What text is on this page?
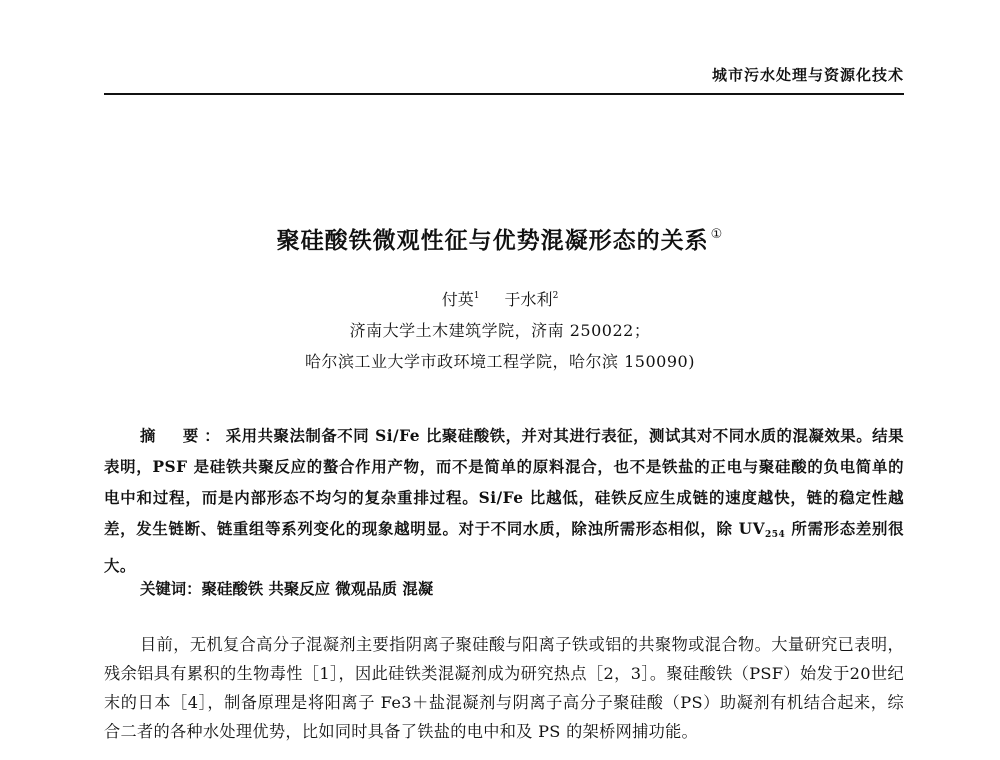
城市污水处理与资源化技术
聚硅酸铁微观性征与优势混凝形态的关系 ①
付英$^1$ 于水利$^2$
济南大学土木建筑学院，济南 250022；
哈尔滨工业大学市政环境工程学院，哈尔滨 150090)
摘　要：采用共聚法制备不同 Si/Fe 比聚硅酸铁，并对其进行表征，测试其对不同水质的混凝效果。结果表明，PSF 是硅铁共聚反应的螯合作用产物，而不是简单的原料混合，也不是铁盐的正电与聚硅酸的负电简单的电中和过程，而是内部形态不均匀的复杂重排过程。Si/Fe 比越低，硅铁反应生成链的速度越快，链的稳定性越差，发生链断、链重组等系列变化的现象越明显。对于不同水质，除浊所需形态相似，除 $UV_{254}$ 所需形态差别很大。
关键词：聚硅酸铁 共聚反应 微观品质 混凝
目前，无机复合高分子混凝剂主要指阴离子聚硅酸与阳离子铁或铝的共聚物或混合物。大量研究已表明，残余铝具有累积的生物毒性［1］，因此硅铁类混凝剂成为研究热点［2，3］。聚硅酸铁（PSF）始发于20世纪末的日本［4］，制备原理是将阳离子 Fe3＋盐混凝剂与阴离子高分子聚硅酸（PS）助凝剂有机结合起来，综合二者的各种水处理优势，比如同时具备了铁盐的电中和及 PS 的架桥网捕功能。
